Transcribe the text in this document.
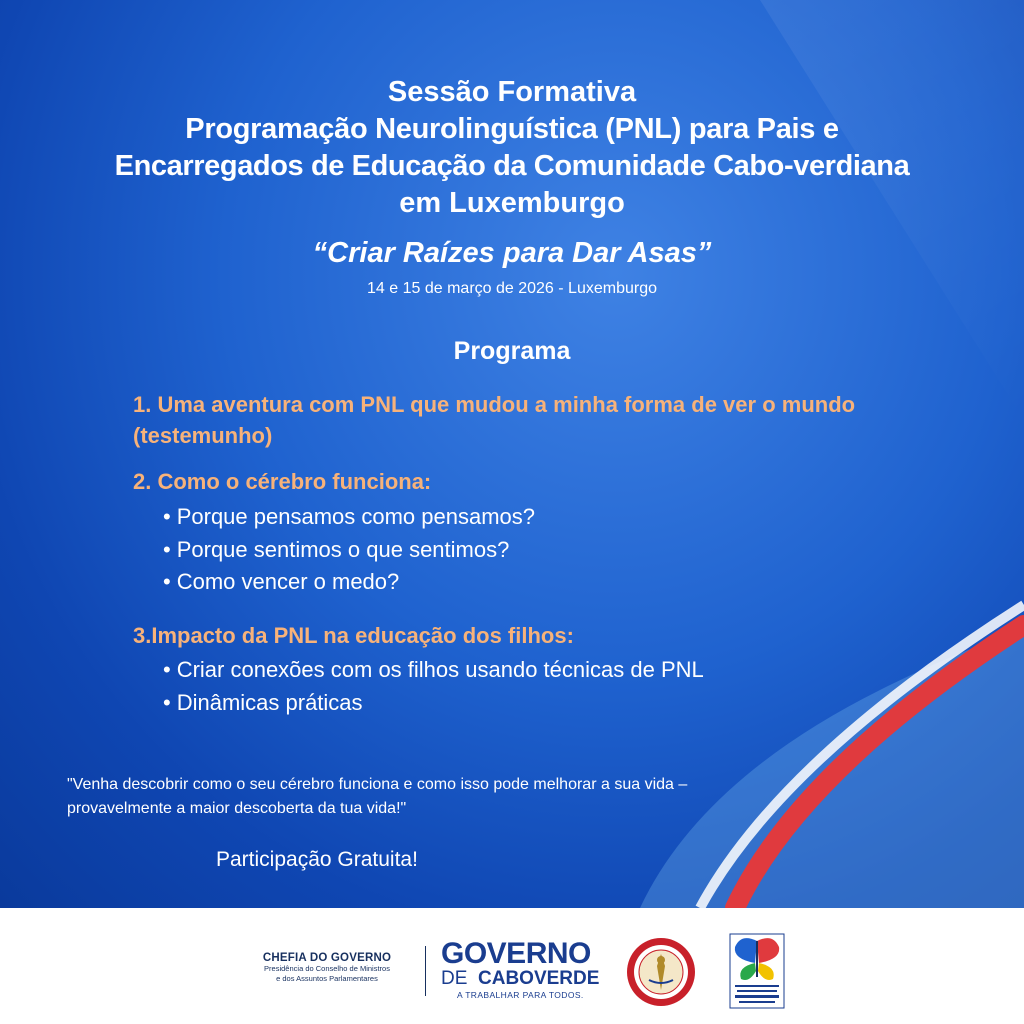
Sessão Formativa
Programação Neurolinguística (PNL) para Pais e
Encarregados de Educação da Comunidade Cabo-verdiana
em Luxemburgo
“Criar Raízes para Dar Asas”
14 e 15 de março de 2026 - Luxemburgo
Programa
1. Uma aventura com PNL que mudou a minha forma de ver o mundo (testemunho)
2. Como o cérebro funciona:
• Porque pensamos como pensamos?
• Porque sentimos o que sentimos?
• Como vencer o medo?
3.Impacto da PNL na educação dos filhos:
• Criar conexões com os filhos usando técnicas de PNL
• Dinâmicas práticas
"Venha descobrir como o seu cérebro funciona e como isso pode melhorar a sua vida – provavelmente a maior descoberta da tua vida!"
Participação Gratuita!
CHEFIA DO GOVERNO
Presidência do Conselho de Ministros
e dos Assuntos Parlamentares
GOVERNO
DE CABOVERDE
A TRABALHAR PARA TODOS.
